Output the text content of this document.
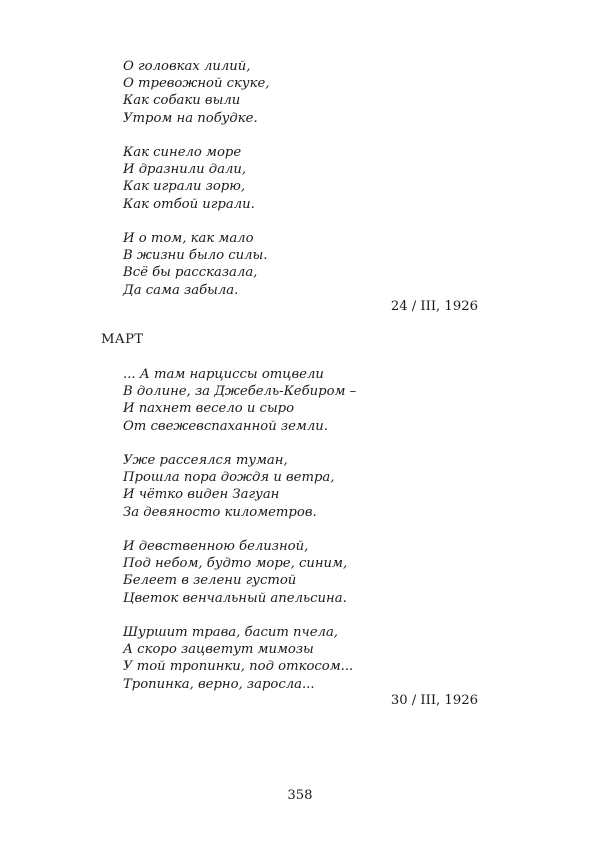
О головках лилий,
О тревожной скуке,
Как собаки выли
Утром на побудке.
Как синело море
И дразнили дали,
Как играли зорю,
Как отбой играли.
И о том, как мало
В жизни было силы.
Всё бы рассказала,
Да сама забыла.
24 / III, 1926
МАРТ
... А там нарциссы отцвели
В долине, за Джебель-Кебиром –
И пахнет весело и сыро
От свежевспаханной земли.
Уже рассеялся туман,
Прошла пора дождя и ветра,
И чётко виден Загуан
За девяносто километров.
И девственною белизной,
Под небом, будто море, синим,
Белеет в зелени густой
Цветок венчальный апельсина.
Шуршит трава, басит пчела,
А скоро зацветут мимозы
У той тропинки, под откосом...
Тропинка, верно, заросла...
30 / III, 1926
358
